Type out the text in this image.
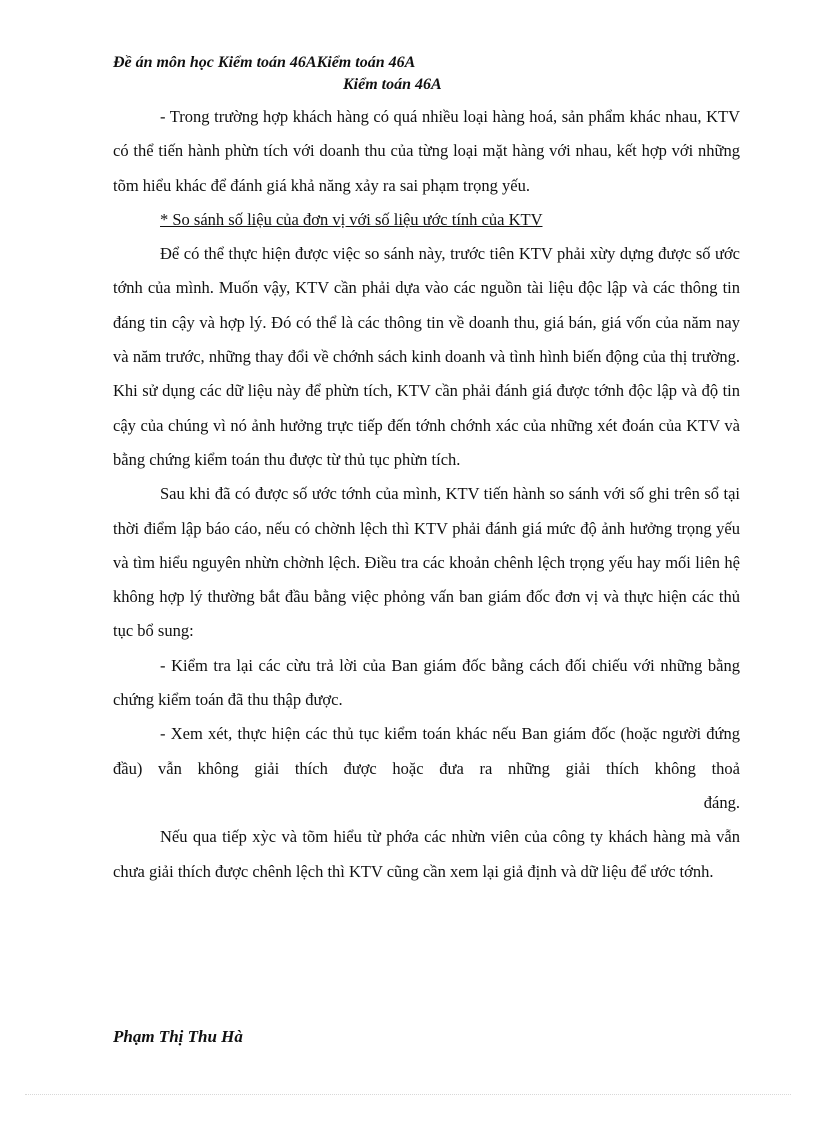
Đề án môn học Kiểm toán 46AKiểm toán 46A
Kiểm toán 46A

- Trong trường hợp khách hàng có quá nhiều loại hàng hoá, sản phẩm khác nhau, KTV có thể tiến hành phừn tích với doanh thu của từng loại mặt hàng với nhau, kết hợp với những tõm hiểu khác để đánh giá khả năng xảy ra sai phạm trọng yếu.

* So sánh số liệu của đơn vị với số liệu ước tính của KTV

Để có thể thực hiện được việc so sánh này, trước tiên KTV phải xừy dựng được số ước tớnh của mình. Muốn vậy, KTV cần phải dựa vào các nguồn tài liệu độc lập và các thông tin đáng tin cậy và hợp lý. Đó có thể là các thông tin về doanh thu, giá bán, giá vốn của năm nay và năm trước, những thay đổi về chớnh sách kinh doanh và tình hình biến động của thị trường. Khi sử dụng các dữ liệu này để phừn tích, KTV cần phải đánh giá được tớnh độc lập và độ tin cậy của chúng vì nó ảnh hưởng trực tiếp đến tớnh chớnh xác của những xét đoán của KTV và bằng chứng kiểm toán thu được từ thủ tục phừn tích.

Sau khi đã có được số ước tớnh của mình, KTV tiến hành so sánh với số ghi trên sổ tại thời điểm lập báo cáo, nếu có chờnh lệch thì KTV phải đánh giá mức độ ảnh hưởng trọng yếu và tìm hiểu nguyên nhừn chờnh lệch. Điều tra các khoản chênh lệch trọng yếu hay mối liên hệ không hợp lý thường bắt đầu bằng việc phỏng vấn ban giám đốc đơn vị và thực hiện các thủ tục bổ sung:

- Kiểm tra lại các cừu trả lời của Ban giám đốc bằng cách đối chiếu với những bằng chứng kiểm toán đã thu thập được.

- Xem xét, thực hiện các thủ tục kiểm toán khác nếu Ban giám đốc (hoặc người đứng đầu) vẫn không giải thích được hoặc đưa ra những giải thích không thoả

đáng.

Nếu qua tiếp xỳc và tõm hiểu từ phớa các nhừn viên của công ty khách hàng mà vẫn chưa giải thích được chênh lệch thì KTV cũng cần xem lại giả định và dữ liệu để ước tớnh.

Phạm Thị Thu Hà
